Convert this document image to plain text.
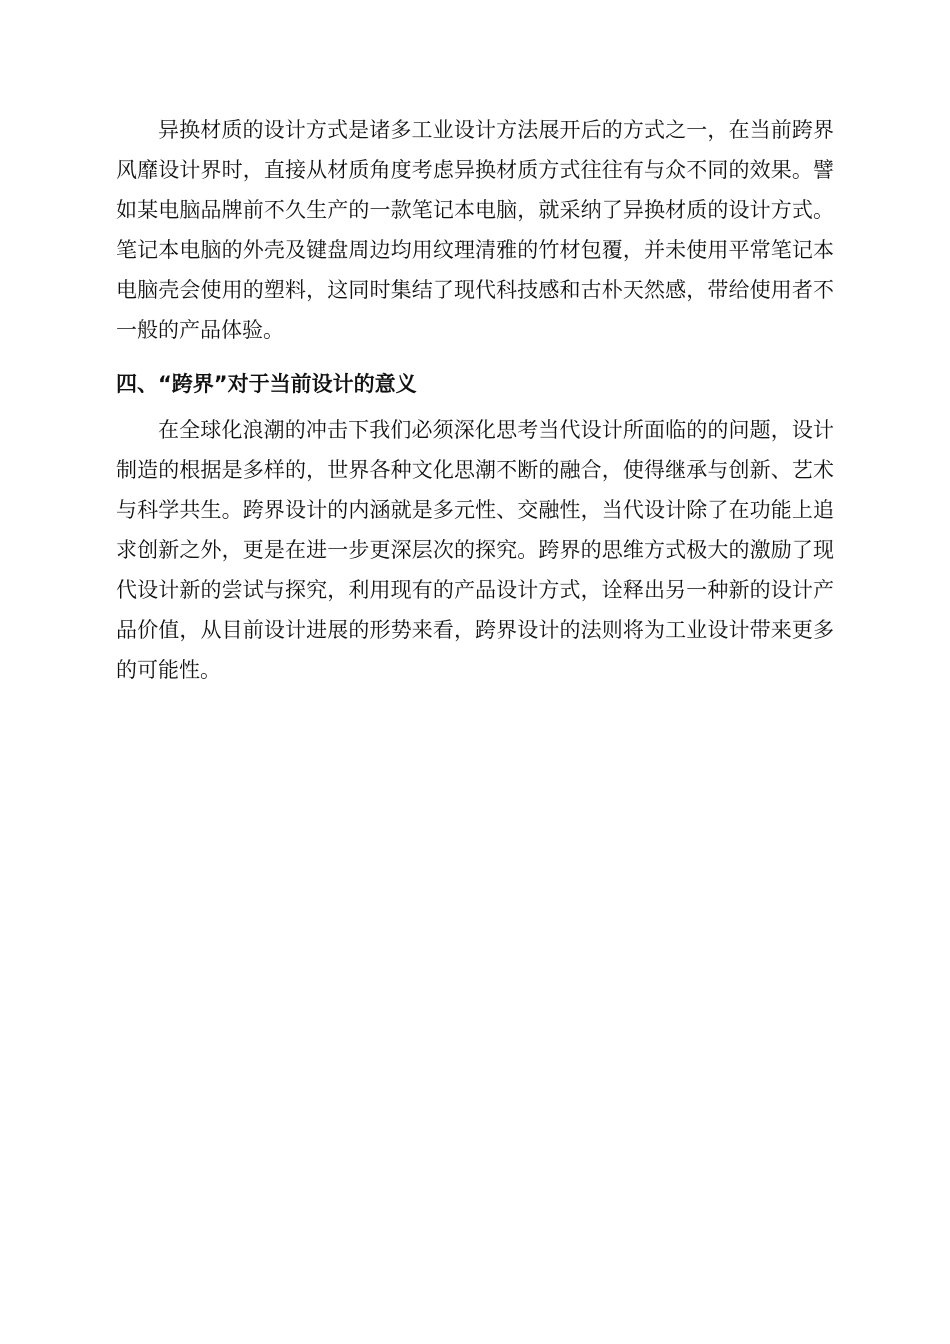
异换材质的设计方式是诸多工业设计方法展开后的方式之一，在当前跨界风靡设计界时，直接从材质角度考虑异换材质方式往往有与众不同的效果。譬如某电脑品牌前不久生产的一款笔记本电脑，就采纳了异换材质的设计方式。笔记本电脑的外壳及键盘周边均用纹理清雅的竹材包覆，并未使用平常笔记本电脑壳会使用的塑料，这同时集结了现代科技感和古朴天然感，带给使用者不一般的产品体验。

四、“跨界”对于当前设计的意义

在全球化浪潮的冲击下我们必须深化思考当代设计所面临的的问题，设计制造的根据是多样的，世界各种文化思潮不断的融合，使得继承与创新、艺术与科学共生。跨界设计的内涵就是多元性、交融性，当代设计除了在功能上追求创新之外，更是在进一步更深层次的探究。跨界的思维方式极大的激励了现代设计新的尝试与探究，利用现有的产品设计方式，诠释出另一种新的设计产品价值，从目前设计进展的形势来看，跨界设计的法则将为工业设计带来更多的可能性。
